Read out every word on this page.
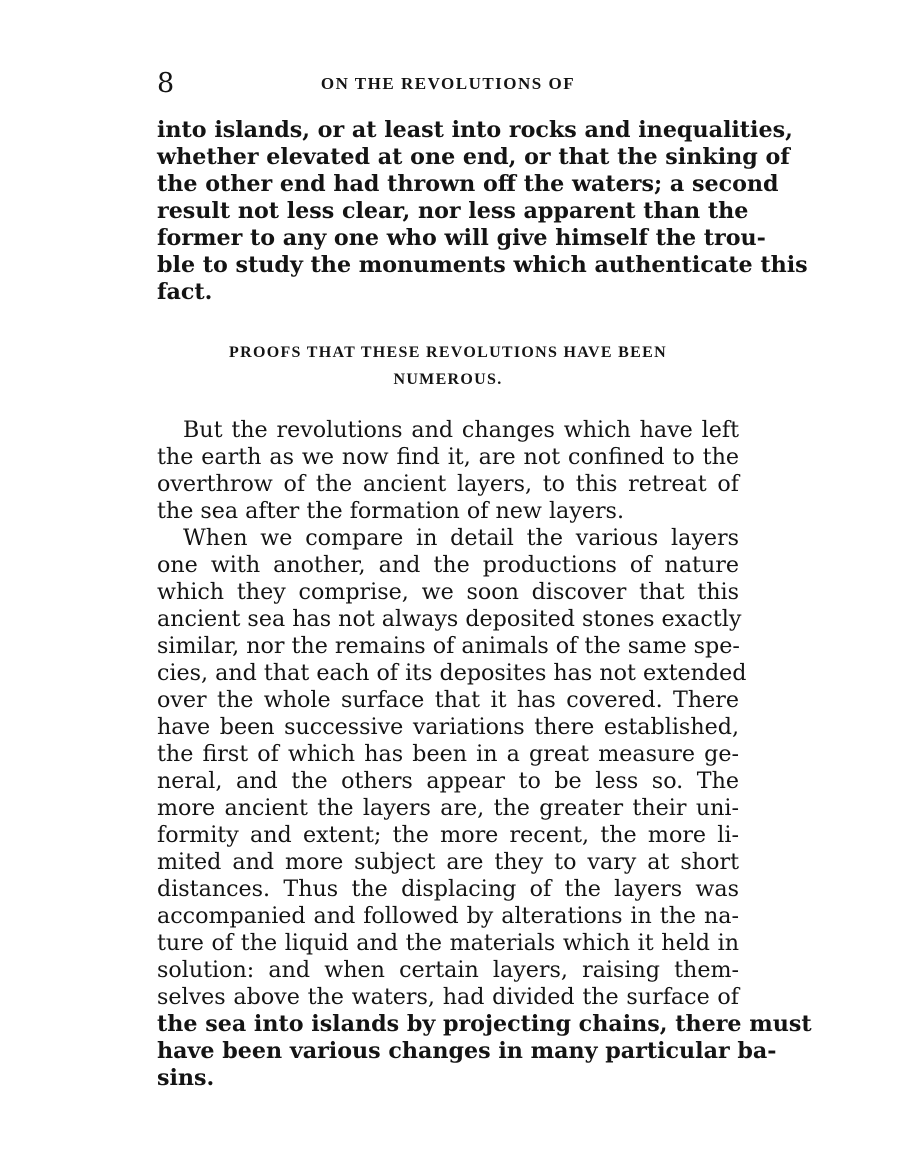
8	ON THE REVOLUTIONS OF
into islands, or at least into rocks and inequalities,
whether elevated at one end, or that the sinking of
the other end had thrown off the waters; a second
result not less clear, nor less apparent than the
former to any one who will give himself the trou-
ble to study the monuments which authenticate this
fact.
PROOFS THAT THESE REVOLUTIONS HAVE BEEN
NUMEROUS.
But the revolutions and changes which have left
the earth as we now find it, are not confined to the
overthrow of the ancient layers, to this retreat of
the sea after the formation of new layers.
When we compare in detail the various layers
one with another, and the productions of nature
which they comprise, we soon discover that this
ancient sea has not always deposited stones exactly
similar, nor the remains of animals of the same spe-
cies, and that each of its deposites has not extended
over the whole surface that it has covered. There
have been successive variations there established,
the first of which has been in a great measure ge-
neral, and the others appear to be less so. The
more ancient the layers are, the greater their uni-
formity and extent; the more recent, the more li-
mited and more subject are they to vary at short
distances. Thus the displacing of the layers was
accompanied and followed by alterations in the na-
ture of the liquid and the materials which it held in
solution: and when certain layers, raising them-
selves above the waters, had divided the surface of
the sea into islands by projecting chains, there must
have been various changes in many particular ba-
sins.
